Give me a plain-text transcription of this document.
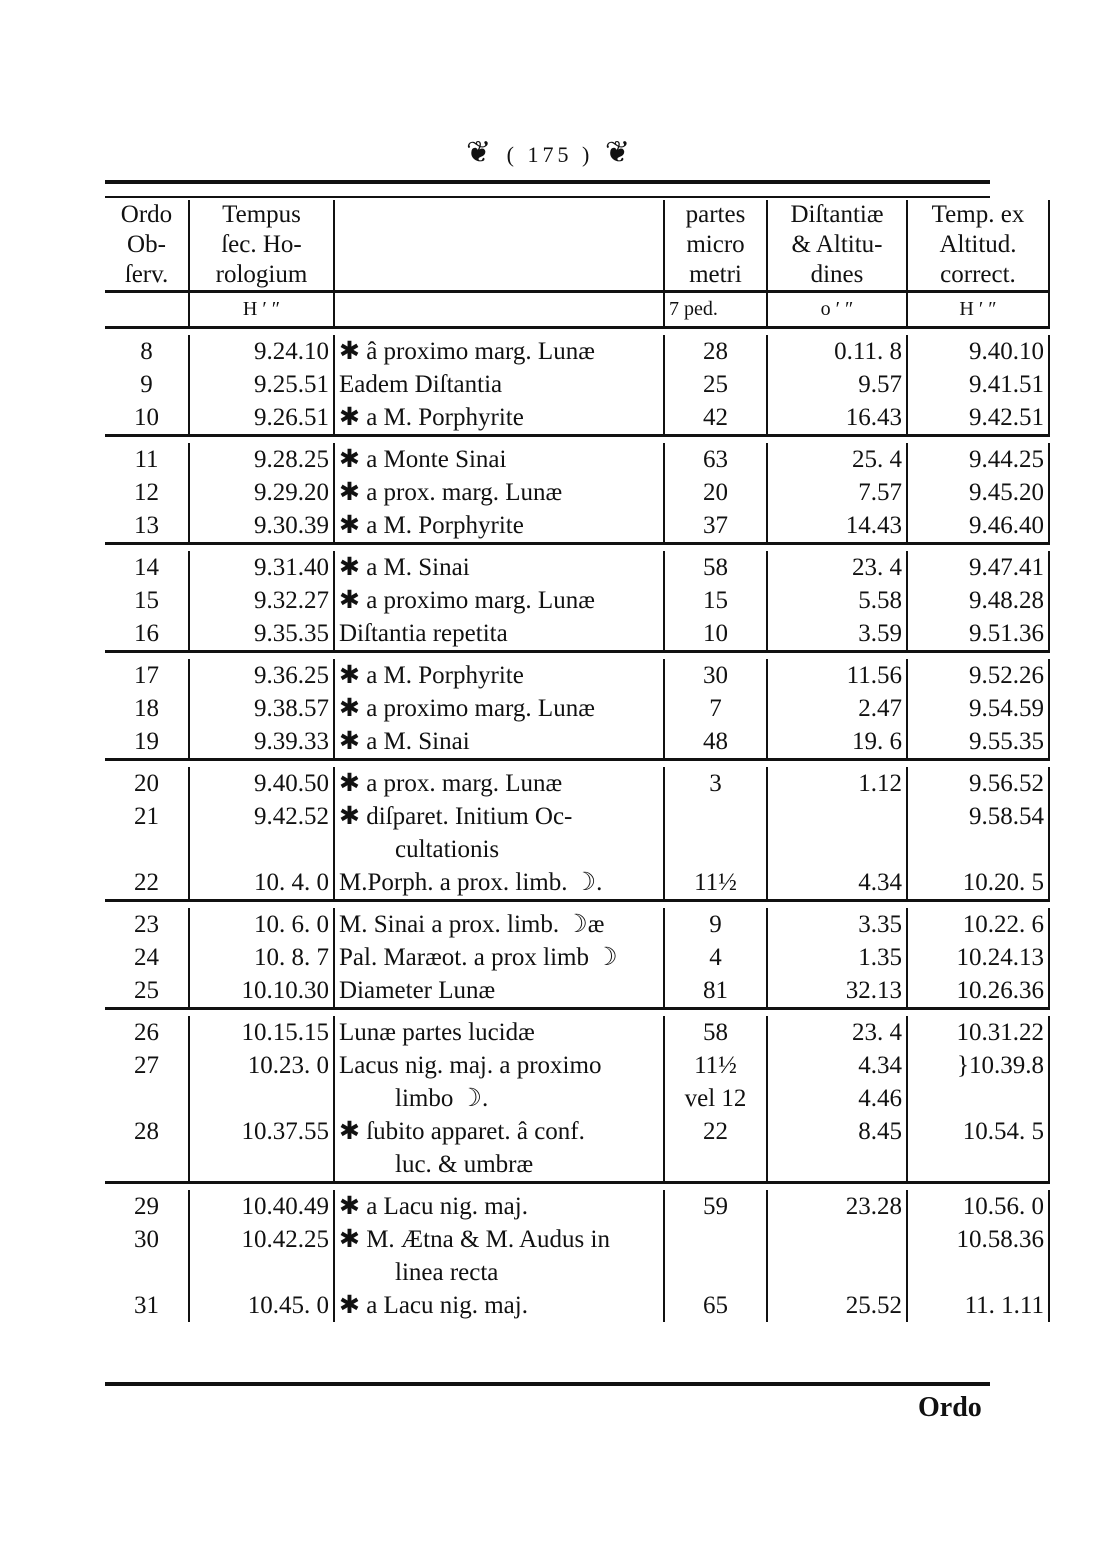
❦ ( 175 ) ❦
Ordo	Tempus		partes	Diſtantiæ	Temp. ex
Ob-	ſec. Ho-		micro	& Altitu-	Altitud.
ſerv.	rologium		metri	dines	correct.

	H ′ ″		7 ped.	o ′ ″	H ′ ″

8	9.24.10	✱ â proximo marg. Lunæ	28	0.11. 8	9.40.10
9	9.25.51	Eadem Diſtantia	25	9.57	9.41.51
10	9.26.51	✱ a M. Porphyrite	42	16.43	9.42.51

11	9.28.25	✱ a Monte Sinai	63	25. 4	9.44.25
12	9.29.20	✱ a prox. marg. Lunæ	20	7.57	9.45.20
13	9.30.39	✱ a M. Porphyrite	37	14.43	9.46.40

14	9.31.40	✱ a M. Sinai	58	23. 4	9.47.41
15	9.32.27	✱ a proximo marg. Lunæ	15	5.58	9.48.28
16	9.35.35	Diſtantia repetita	10	3.59	9.51.36

17	9.36.25	✱ a M. Porphyrite	30	11.56	9.52.26
18	9.38.57	✱ a proximo marg. Lunæ	7	2.47	9.54.59
19	9.39.33	✱ a M. Sinai	48	19. 6	9.55.35

20	9.40.50	✱ a prox. marg. Lunæ	3	1.12	9.56.52
21	9.42.52	✱ diſparet. Initium Oc-			9.58.54
		cultationis			
22	10. 4. 0	M.Porph. a prox. limb. ☽.	11½	4.34	10.20. 5

23	10. 6. 0	M. Sinai a prox. limb. ☽æ	9	3.35	10.22. 6
24	10. 8. 7	Pal. Maræot. a prox limb ☽	4	1.35	10.24.13
25	10.10.30	Diameter Lunæ	81	32.13	10.26.36

26	10.15.15	Lunæ partes lucidæ	58	23. 4	10.31.22
27	10.23. 0	Lacus nig. maj. a proximo	11½	4.34	}10.39.8
		limbo ☽.	vel 12	4.46	
28	10.37.55	✱ ſubito apparet. â conf.	22	8.45	10.54. 5
		luc. & umbræ			

29	10.40.49	✱ a Lacu nig. maj.	59	23.28	10.56. 0
30	10.42.25	✱ M. Ætna & M. Audus in			10.58.36
		linea recta			
31	10.45. 0	✱ a Lacu nig. maj.	65	25.52	11. 1.11
Ordo
